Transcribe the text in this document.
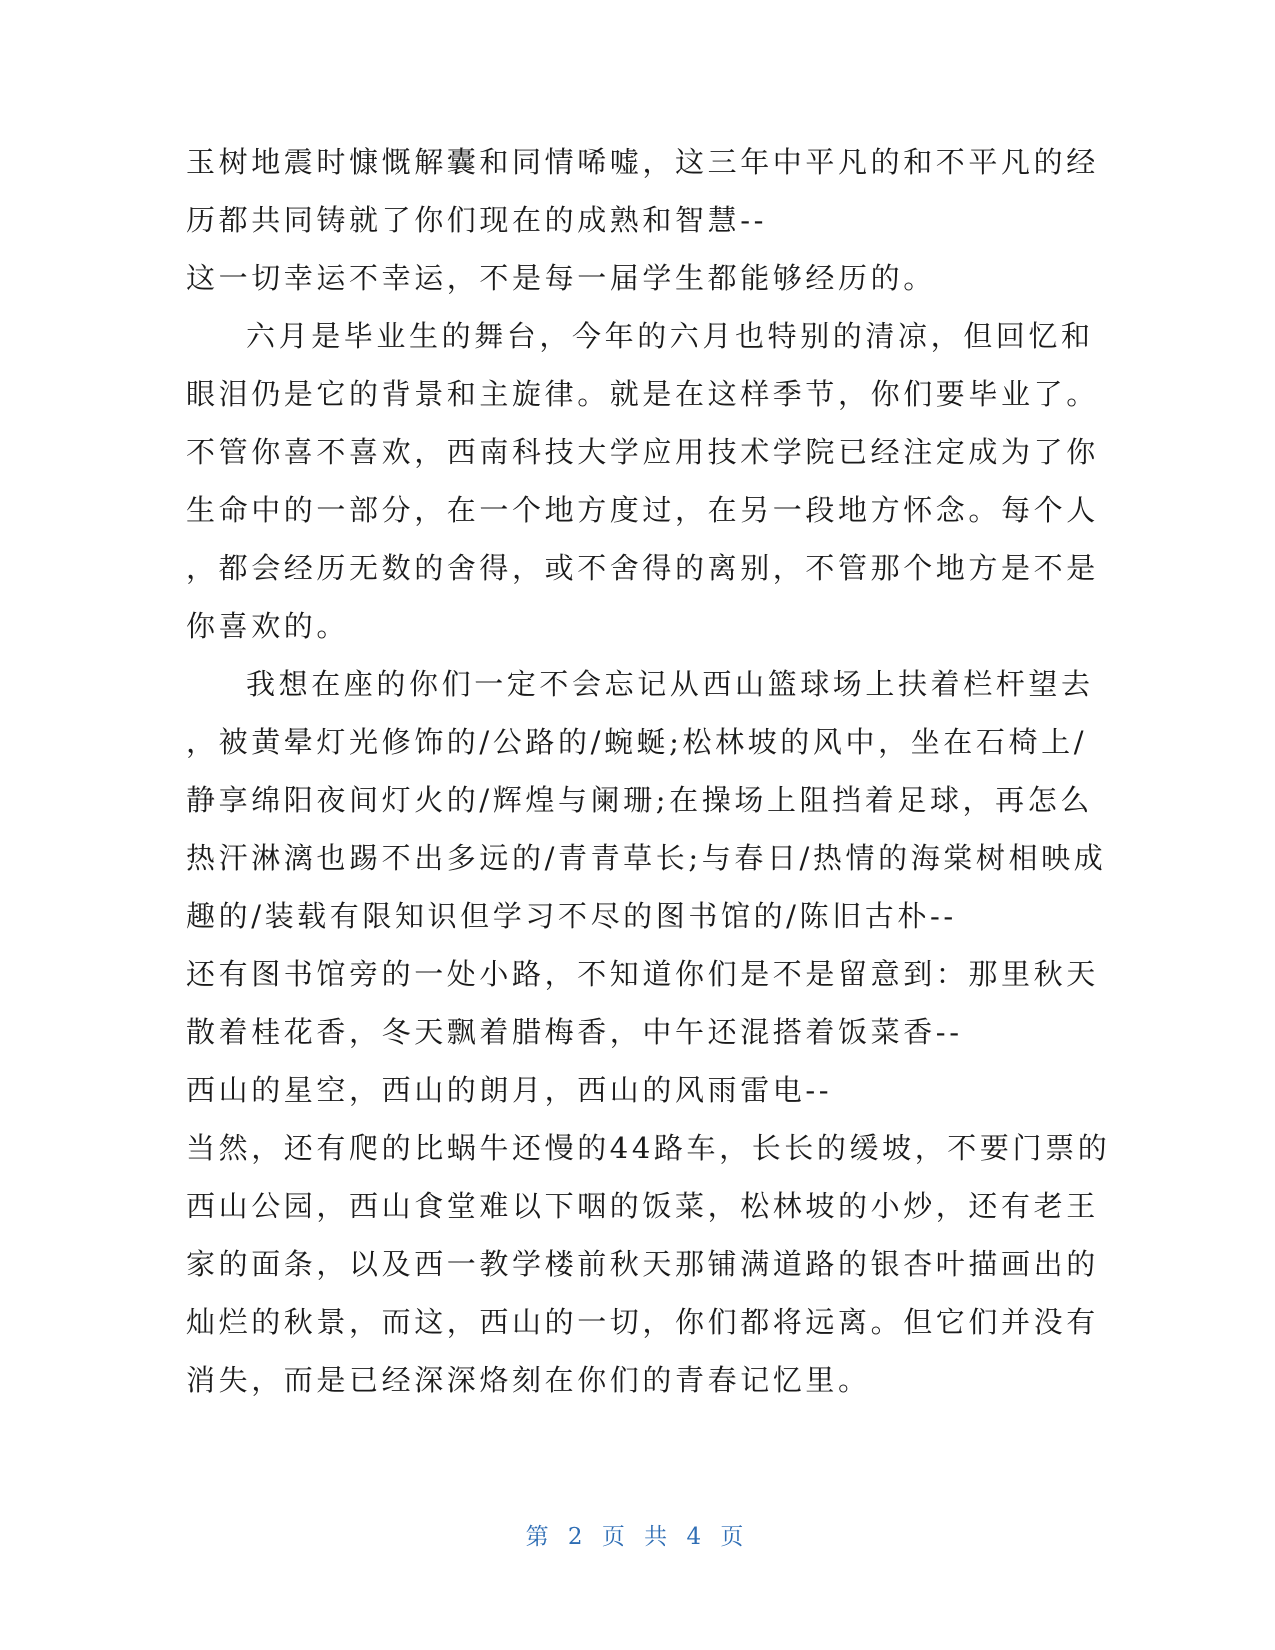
玉树地震时慷慨解囊和同情唏嘘，这三年中平凡的和不平凡的经
历都共同铸就了你们现在的成熟和智慧--
这一切幸运不幸运，不是每一届学生都能够经历的。
六月是毕业生的舞台，今年的六月也特别的清凉，但回忆和
眼泪仍是它的背景和主旋律。就是在这样季节，你们要毕业了。
不管你喜不喜欢，西南科技大学应用技术学院已经注定成为了你
生命中的一部分，在一个地方度过，在另一段地方怀念。每个人
，都会经历无数的舍得，或不舍得的离别，不管那个地方是不是
你喜欢的。
我想在座的你们一定不会忘记从西山篮球场上扶着栏杆望去
，被黄晕灯光修饰的/公路的/蜿蜒;松林坡的风中，坐在石椅上/
静享绵阳夜间灯火的/辉煌与阑珊;在操场上阻挡着足球，再怎么
热汗淋漓也踢不出多远的/青青草长;与春日/热情的海棠树相映成
趣的/装载有限知识但学习不尽的图书馆的/陈旧古朴--
还有图书馆旁的一处小路，不知道你们是不是留意到：那里秋天
散着桂花香，冬天飘着腊梅香，中午还混搭着饭菜香--
西山的星空，西山的朗月，西山的风雨雷电--
当然，还有爬的比蜗牛还慢的44路车，长长的缓坡，不要门票的
西山公园，西山食堂难以下咽的饭菜，松林坡的小炒，还有老王
家的面条，以及西一教学楼前秋天那铺满道路的银杏叶描画出的
灿烂的秋景，而这，西山的一切，你们都将远离。但它们并没有
消失，而是已经深深烙刻在你们的青春记忆里。
第 2 页 共 4 页
